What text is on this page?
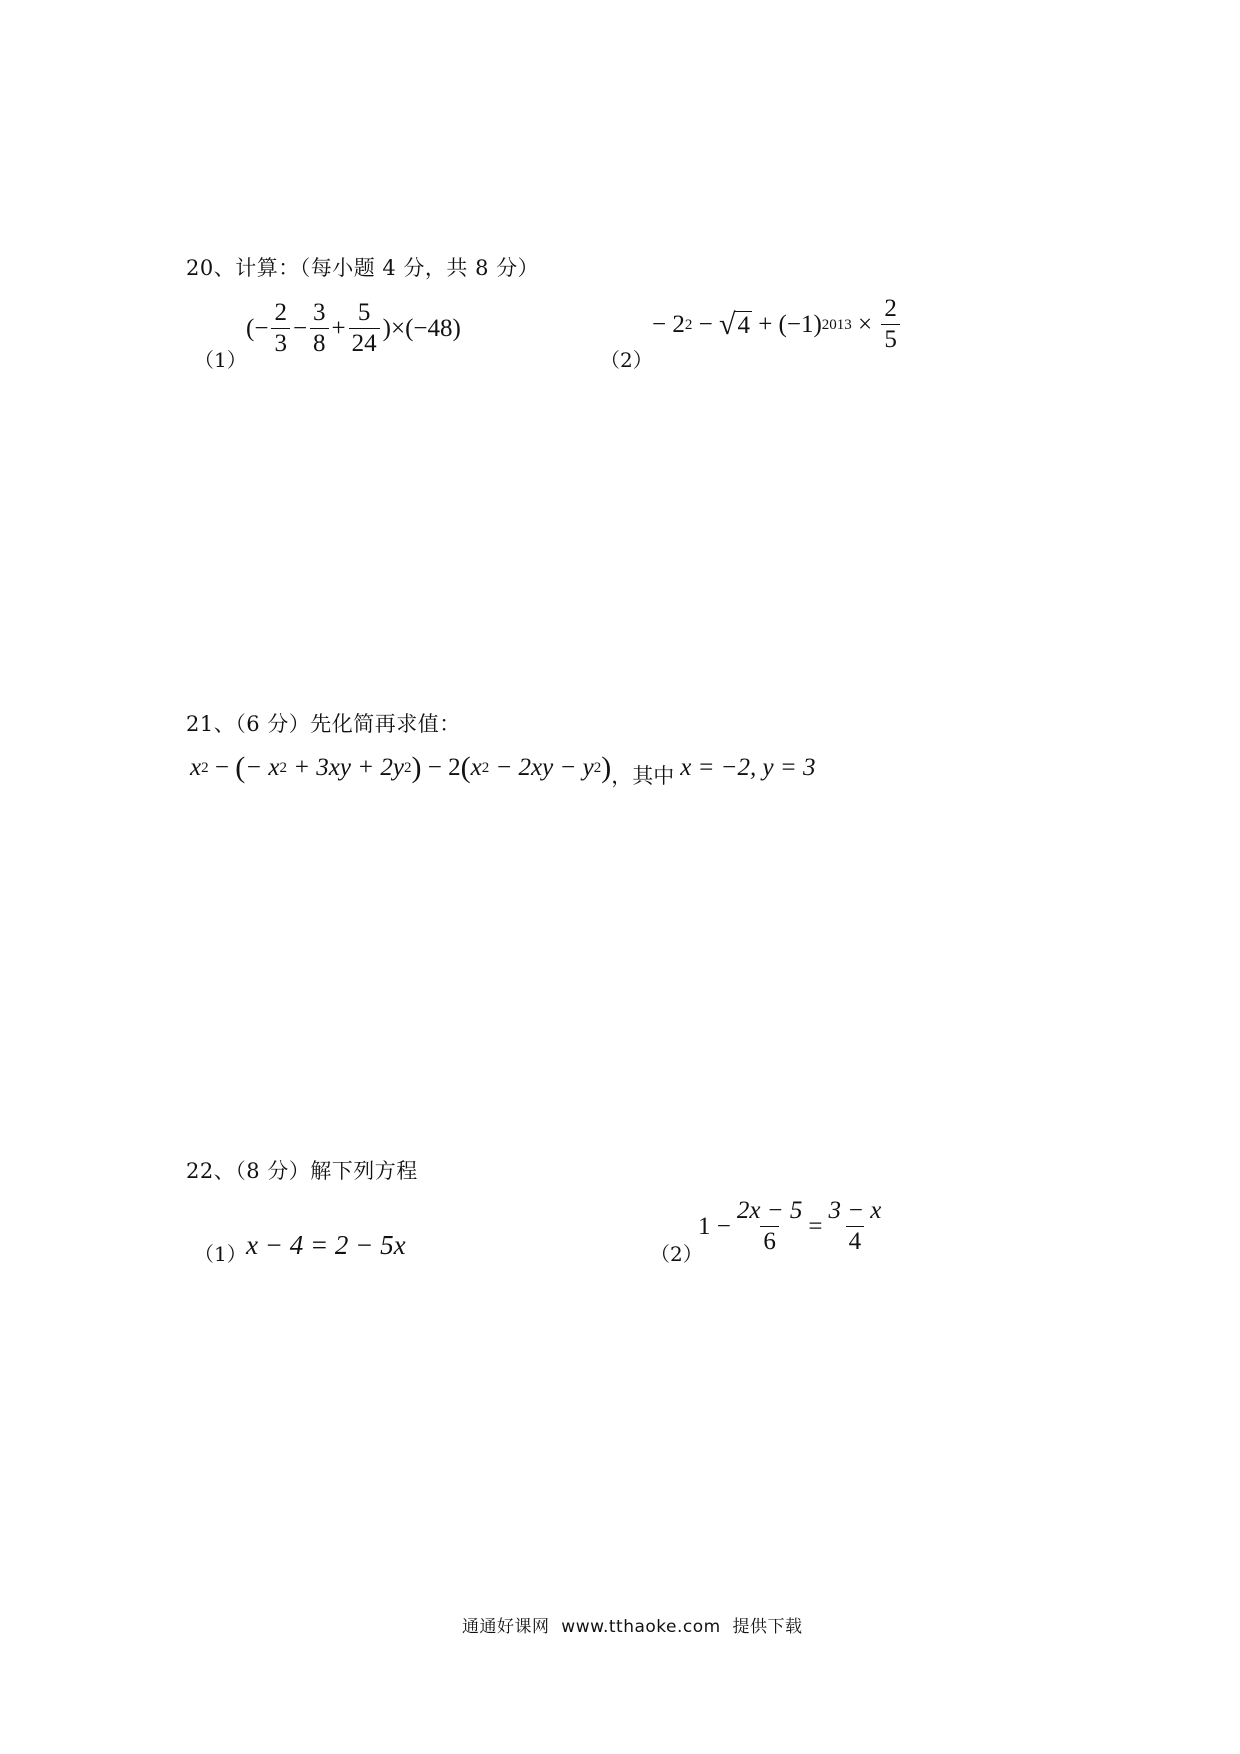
20、计算：（每小题 4 分，共 8 分）
（1）
( − $\frac{2}{3} - \frac{3}{8} + \frac{5}{24} )\times(-48)$
（2）
− 2 2 − √ 4 + (−1) $2013 \times \frac{2}{5}$
21、（6 分）先化简再求值：
x 2 − ( − x 2 + 3xy + 2y 2 ) − 2 ( x 2 − 2xy − y 2 ) ， 其中 x = −2, y = 3
22、（8 分）解下列方程
（1） x − 4 = 2 − 5x	（2）
$1 - \frac{2x - 5}{6} = \frac{3 - x}{4}$
通通好课网  www.tthaoke.com  提供下载
